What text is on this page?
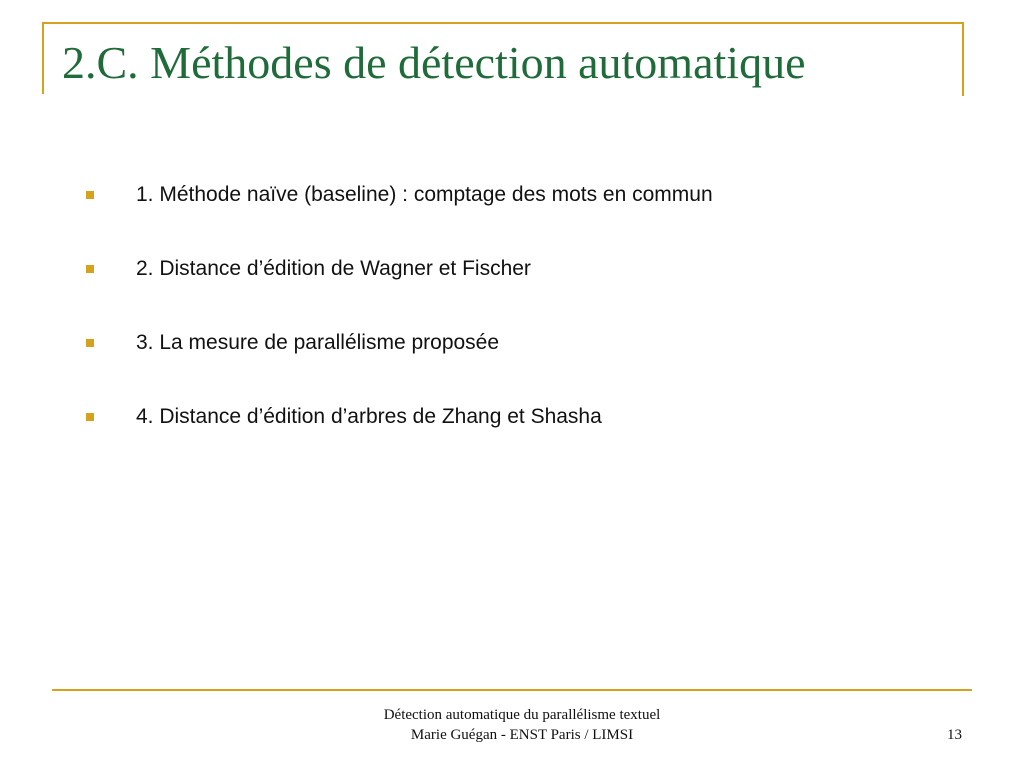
2.C. Méthodes de détection automatique
1. Méthode naïve (baseline) : comptage des mots en commun
2. Distance d’édition de Wagner et Fischer
3. La mesure de parallélisme proposée
4. Distance d’édition d’arbres de Zhang et Shasha
Détection automatique du parallélisme textuel
Marie Guégan - ENST Paris / LIMSI	13
